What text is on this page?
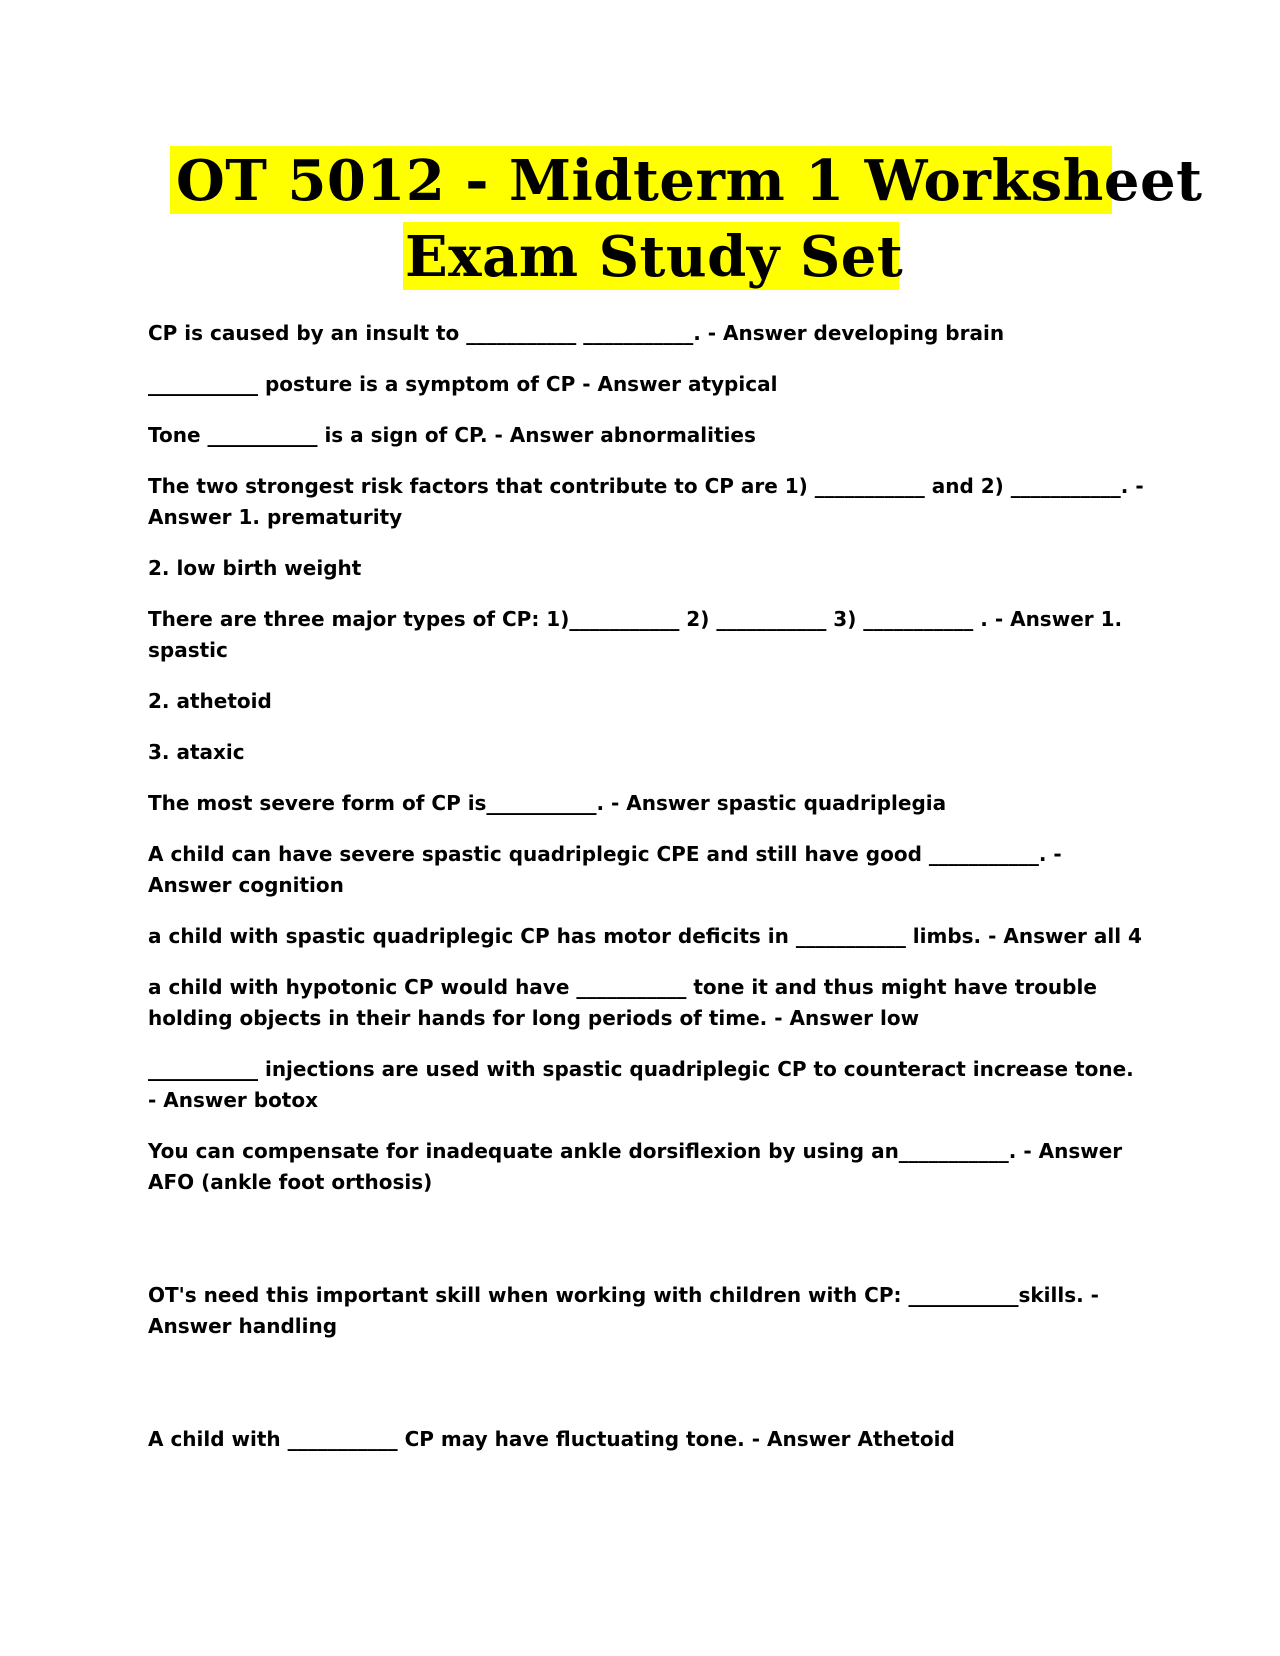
OT 5012 - Midterm 1 Worksheet
Exam Study Set

CP is caused by an insult to ___________ ___________. - Answer developing brain

___________ posture is a symptom of CP - Answer atypical

Tone ___________ is a sign of CP. - Answer abnormalities

The two strongest risk factors that contribute to CP are 1) ___________ and 2) ___________. - Answer 1. prematurity

2. low birth weight

There are three major types of CP: 1)___________ 2) ___________ 3) ___________ . - Answer 1. spastic

2. athetoid

3. ataxic

The most severe form of CP is___________. - Answer spastic quadriplegia

A child can have severe spastic quadriplegic CPE and still have good ___________. - Answer cognition

a child with spastic quadriplegic CP has motor deficits in ___________ limbs. - Answer all 4

a child with hypotonic CP would have ___________ tone it and thus might have trouble holding objects in their hands for long periods of time. - Answer low

___________ injections are used with spastic quadriplegic CP to counteract increase tone. - Answer botox

You can compensate for inadequate ankle dorsiflexion by using an___________. - Answer AFO (ankle foot orthosis)

OT's need this important skill when working with children with CP: ___________skills. - Answer handling

A child with ___________ CP may have fluctuating tone. - Answer Athetoid
